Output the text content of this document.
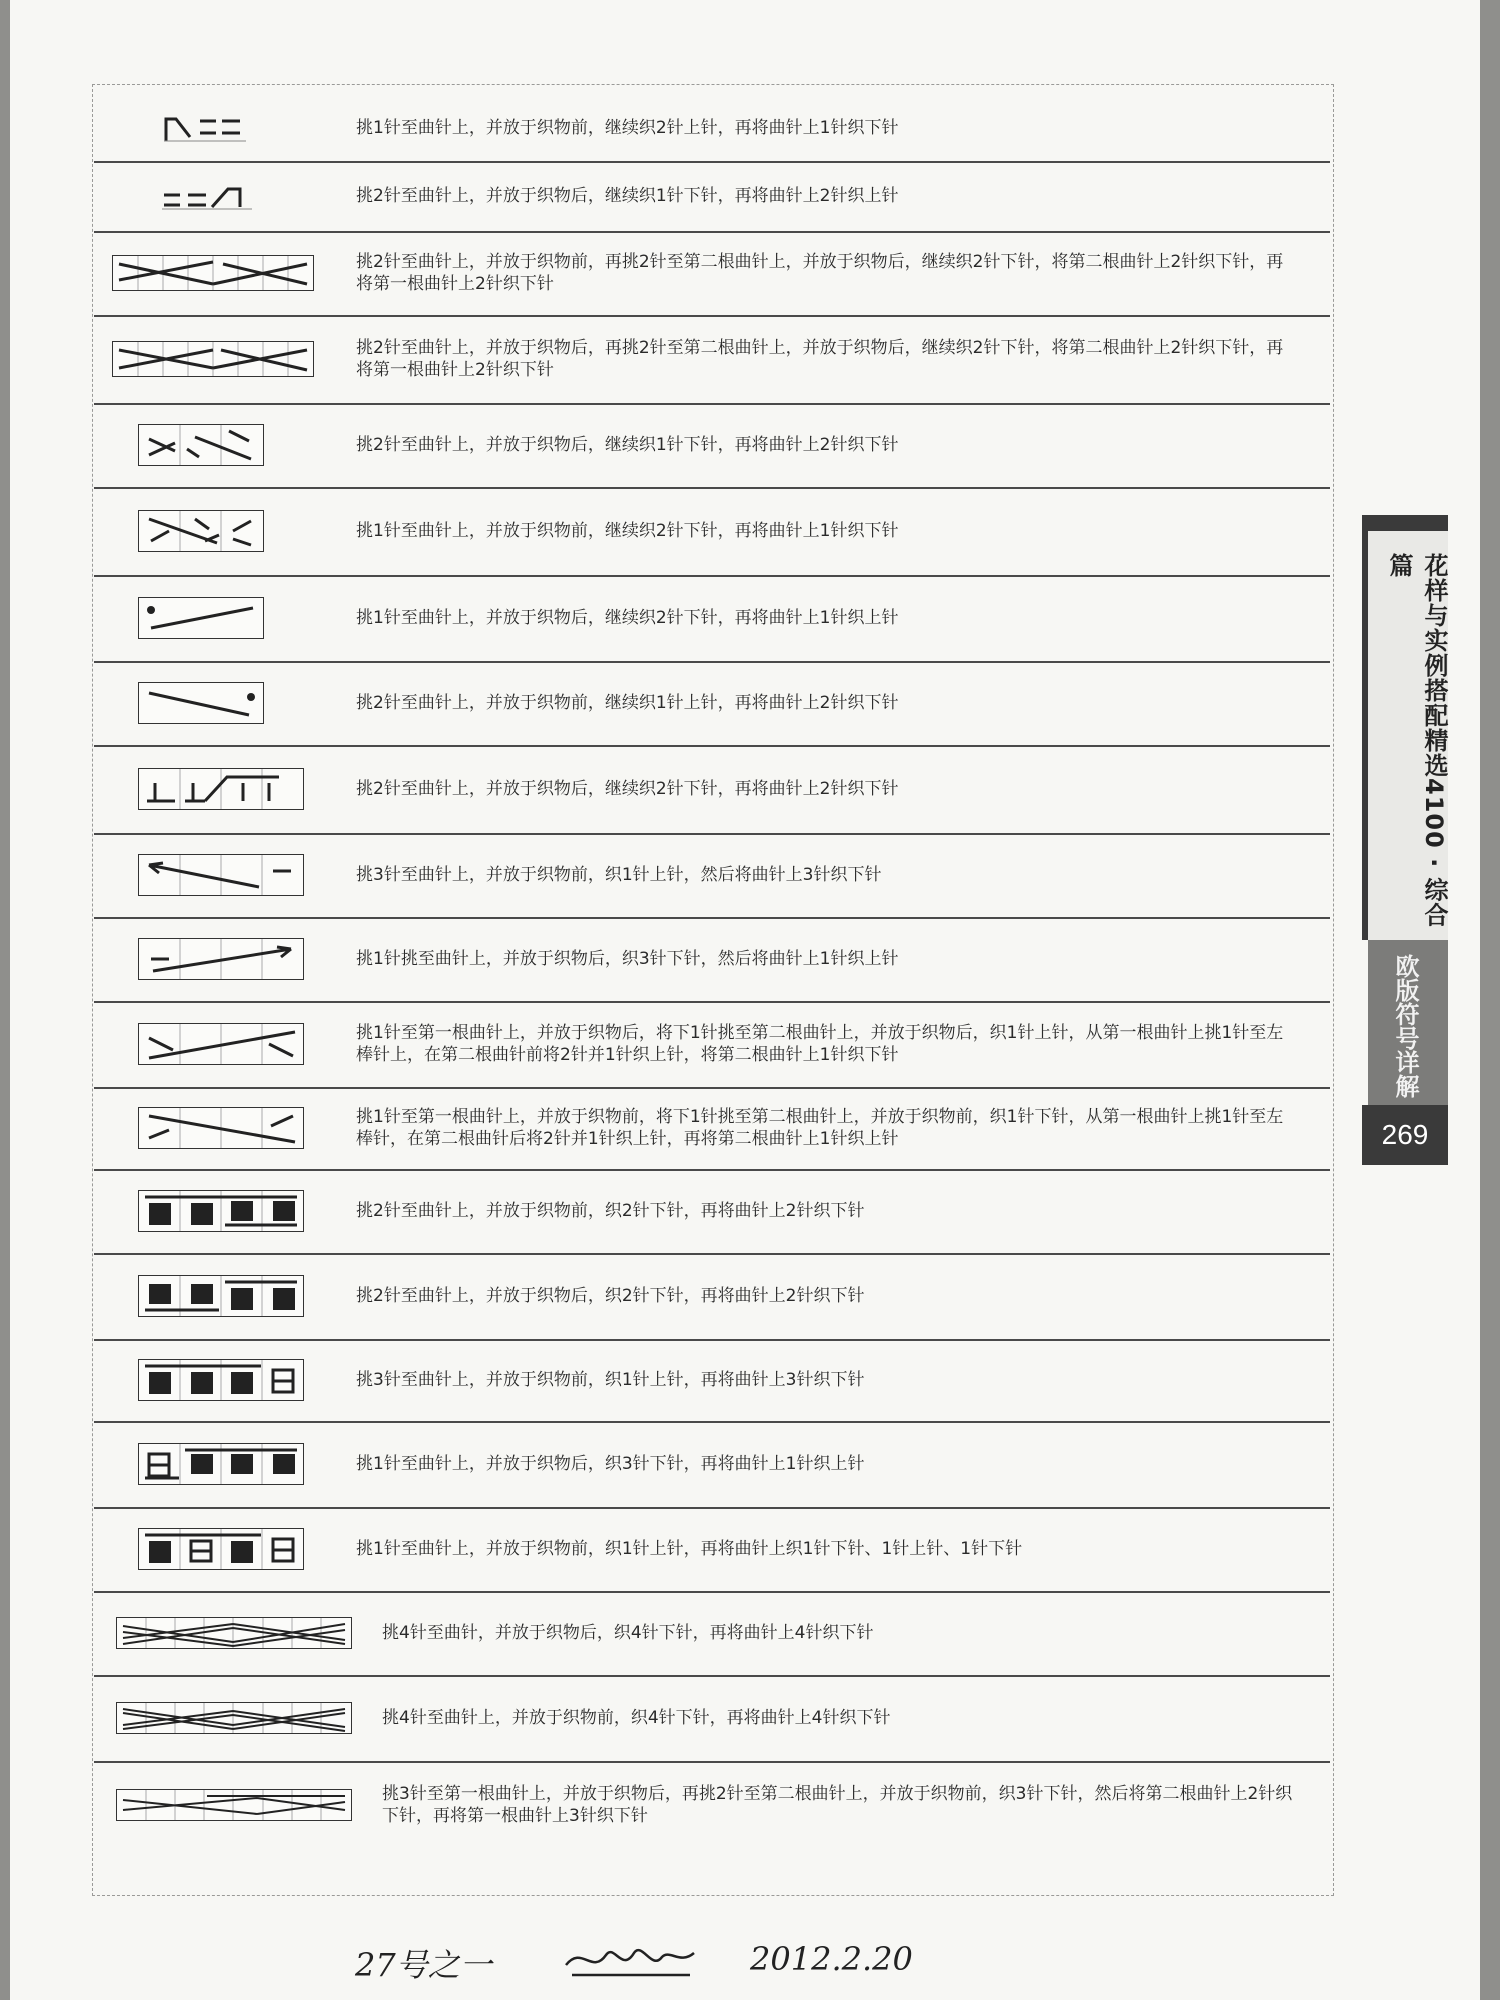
挑1针至曲针上，并放于织物前，继续织2针上针，再将曲针上1针织下针
挑2针至曲针上，并放于织物后，继续织1针下针，再将曲针上2针织上针
挑2针至曲针上，并放于织物前，再挑2针至第二根曲针上，并放于织物后，继续织2针下针，将第二根曲针上2针织下针，再将第一根曲针上2针织下针
挑2针至曲针上，并放于织物后，再挑2针至第二根曲针上，并放于织物后，继续织2针下针，将第二根曲针上2针织下针，再将第一根曲针上2针织下针
挑2针至曲针上，并放于织物后，继续织1针下针，再将曲针上2针织下针
挑1针至曲针上，并放于织物前，继续织2针下针，再将曲针上1针织下针
挑1针至曲针上，并放于织物后，继续织2针下针，再将曲针上1针织上针
挑2针至曲针上，并放于织物前，继续织1针上针，再将曲针上2针织下针
挑2针至曲针上，并放于织物后，继续织2针下针，再将曲针上2针织下针
挑3针至曲针上，并放于织物前，织1针上针，然后将曲针上3针织下针
挑1针挑至曲针上，并放于织物后，织3针下针，然后将曲针上1针织上针
挑1针至第一根曲针上，并放于织物后，将下1针挑至第二根曲针上，并放于织物后，织1针上针，从第一根曲针上挑1针至左棒针上，在第二根曲针前将2针并1针织上针，将第二根曲针上1针织下针
挑1针至第一根曲针上，并放于织物前，将下1针挑至第二根曲针上，并放于织物前，织1针下针，从第一根曲针上挑1针至左棒针，在第二根曲针后将2针并1针织上针，再将第二根曲针上1针织上针
挑2针至曲针上，并放于织物前，织2针下针，再将曲针上2针织下针
挑2针至曲针上，并放于织物后，织2针下针，再将曲针上2针织下针
挑3针至曲针上，并放于织物前，织1针上针，再将曲针上3针织下针
挑1针至曲针上，并放于织物后，织3针下针，再将曲针上1针织上针
挑1针至曲针上，并放于织物前，织1针上针，再将曲针上织1针下针、1针上针、1针下针
挑4针至曲针，并放于织物后，织4针下针，再将曲针上4针织下针
挑4针至曲针上，并放于织物前，织4针下针，再将曲针上4针织下针
挑3针至第一根曲针上，并放于织物后，再挑2针至第二根曲针上，并放于织物前，织3针下针，然后将第二根曲针上2针织下针，再将第一根曲针上3针织下针
花样与实例搭配精选4100 · 综合篇
欧版符号详解
269
27号之一	2012.2.20
